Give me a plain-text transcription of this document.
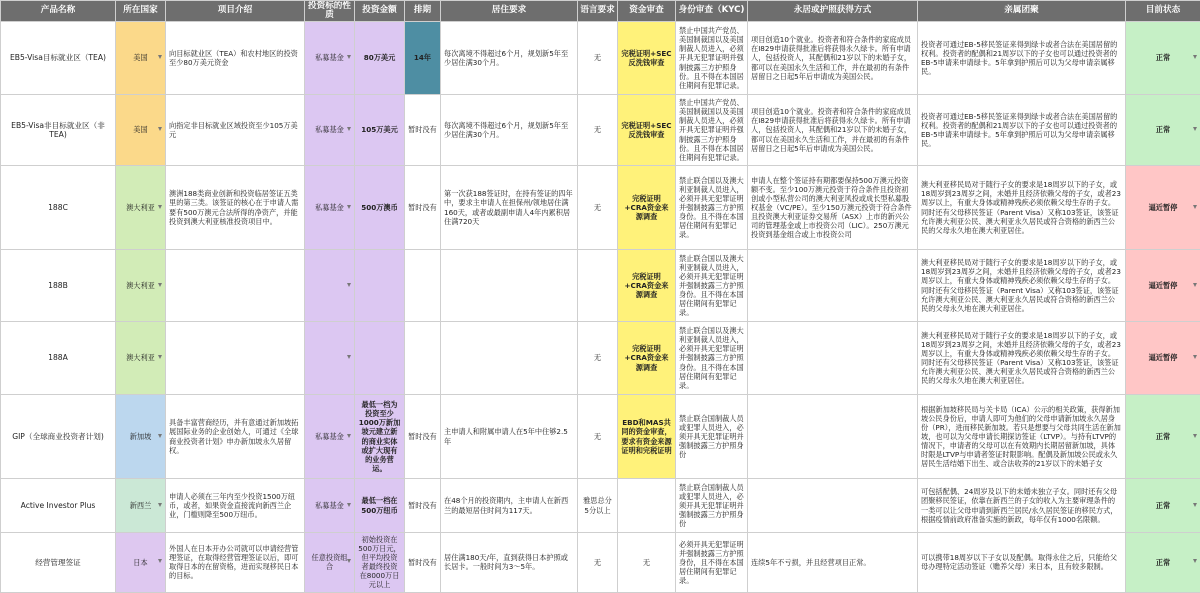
产品名称	所在国家	项目介绍	投资标的性质	投资金额	排期	居住要求	语言要求	资金审查	身份审查（KYC)	永居或护照获得方式	亲属团聚	目前状态
EB5-Visa目标就业区（TEA)	美国	向目标就业区（TEA）和农村地区的投资至少80万美元资金	私募基金	80万美元	14年	每次离境不得超过6个月，规划新5年至少居住满30个月。	无	完税证明+SEC反洗钱审查	禁止中国共产党员、美国制裁国以及美国制裁人员进入，必须开具无犯罪证明并强制披露三方护照身份。且不得在本国居住期间有犯罪记录。	项目创造10个就业。投资者和符合条件的家庭成员在I829申请获得批准后将获得永久绿卡。所有申请人，包括投资人，其配偶和21岁以下的未婚子女，都可以在美国永久生活和工作，并在最初的有条件居留日之日起5年后申请成为美国公民。	投资者可通过EB-5移民签证来得到绿卡或者合法在美国居留的权利。投资者的配偶和21周岁以下的子女也可以通过投资者的EB-5申请来申请绿卡。5年拿到护照后可以为父母申请亲属移民。	正常

EB5-Visa非目标就业区（非TEA)	美国	向指定非目标就业区域投资至少105万美元	私募基金	105万美元	暂时没有	每次离境不得超过6个月，规划新5年至少居住满30个月。	无	完税证明+SEC反洗钱审查	禁止中国共产党员、美国制裁国以及美国制裁人员进入，必须开具无犯罪证明并强制披露三方护照身份。且不得在本国居住期间有犯罪记录。	项目创造10个就业。投资者和符合条件的家庭成员在I829申请获得批准后将获得永久绿卡。所有申请人，包括投资人，其配偶和21岁以下的未婚子女，都可以在美国永久生活和工作，并在最初的有条件居留日之日起5年后申请成为美国公民。	投资者可通过EB-5移民签证来得到绿卡或者合法在美国居留的权利。投资者的配偶和21周岁以下的子女也可以通过投资者的EB-5申请来申请绿卡。5年拿到护照后可以为父母申请亲属移民。	正常

188C	澳大利亚	澳洲188类商业创新和投资临居签证五类里的第三类。该签证的核心在于申请人需要有500万澳元合法所得的净资产，并能投资到澳大利亚核准投资项目中。	私募基金	500万澳币	暂时没有	第一次获188签证时，在持有签证的四年中，要求主申请人在担保州/领地居住满160天，或者或最副申请人4年内累积居住满720天	无	完税证明+CRA资金来源调查	禁止联合国以及澳大利亚制裁人员进入，必须开具无犯罪证明并强制披露三方护照身份。且不得在本国居住期间有犯罪记录。	申请人在整个签证持有期都要保持500万澳元投资额不变。至少100万澳元投资于符合条件且投资初创或小型私营公司的澳大利亚风投或成长型私募股权基金（VC/PE）。至少150万澳元投资于符合条件且投资澳大利亚证券交易所（ASX）上市的新兴公司的管理基金或上市投资公司（LIC）。250万澳元投资到基金组合或上市投资公司	澳大利亚移民局对于随行子女的要求是18周岁以下的子女，或18周岁到23周岁之间，未婚并且经济依赖父母的子女，或者23周岁以上，有重大身体或精神残疾必须依赖父母生存的子女。同时还有父母移民签证（Parent Visa）又称103签证，该签证允许澳大利亚公民、澳大利亚永久居民或符合资格的新西兰公民的父母永久地在澳大利亚居住。	逼近暂停

188B	澳大利亚							完税证明+CRA资金来源调查	禁止联合国以及澳大利亚制裁人员进入，必须开具无犯罪证明并强制披露三方护照身份。且不得在本国居住期间有犯罪记录。		澳大利亚移民局对于随行子女的要求是18周岁以下的子女，或18周岁到23周岁之间，未婚并且经济依赖父母的子女，或者23周岁以上，有重大身体或精神残疾必须依赖父母生存的子女。同时还有父母移民签证（Parent Visa）又称103签证，该签证允许澳大利亚公民、澳大利亚永久居民或符合资格的新西兰公民的父母永久地在澳大利亚居住。	逼近暂停

188A	澳大利亚						无	完税证明+CRA资金来源调查	禁止联合国以及澳大利亚制裁人员进入，必须开具无犯罪证明并强制披露三方护照身份。且不得在本国居住期间有犯罪记录。		澳大利亚移民局对于随行子女的要求是18周岁以下的子女，或18周岁到23周岁之间，未婚并且经济依赖父母的子女，或者23周岁以上，有重大身体或精神残疾必须依赖父母生存的子女。同时还有父母移民签证（Parent Visa）又称103签证，该签证允许澳大利亚公民、澳大利亚永久居民或符合资格的新西兰公民的父母永久地在澳大利亚居住。	逼近暂停

GIP（全球商业投资者计划)	新加坡	具备丰富营商经历，并有意通过新加坡拓展国际业务的企业创始人，可通过《全球商业投资者计划》申办新加坡永久居留权。	私募基金	最低一档为投资至少1000万新加坡元建立新的商业实体或扩大现有的业务营运。	暂时没有	主申请人和附属申请人在5年中住够2.5年	无	EBD和MAS共同的资金审查，要求有资金来源证明和完税证明	禁止联合国制裁人员或犯罪人员进入，必须开具无犯罪证明并强制披露三方护照身份		根据新加坡移民局与关卡局（ICA）公示的相关政策，获得新加坡公民身份后，申请人即可为他们的父母申请新加坡永久居身份（PR），进而移民新加坡。若只是想要与父母共同生活在新加坡，也可以为父母申请长期探访签证（LTVP）。与持有LTVP的情况下，申请者的父母可以在有效期内长期居留新加坡，具体时限是LTVP与申请者签证时限影响。配偶及新加坡公民或永久居民生活结婚下出生、或合法收养的21岁以下的未婚子女	正常

Active Investor Plus	新西兰	申请人必须在三年内至少投资1500万纽币，或者，如果资金直接流向新西兰企业，门槛则降至500万纽币。	私募基金	最低一档在500万纽币	暂时没有	在48个月的投资期内，主申请人在新西兰的最短居住时间为117天。	雅思总分5分以上		禁止联合国制裁人员或犯罪人员进入，必须开具无犯罪证明并强制披露三方护照身份		可包括配偶、24周岁及以下的未婚未独立子女。同时还有父母团聚移民签证，依靠在新西兰的子女的收入为主要审理条件的一类可以让父母申请到新西兰居民/永久居民签证的移民方式，根据疫情前政府准备实施的新政，每年仅有1000名限额。	正常

经营管理签证	日本	外国人在日本开办公司就可以申请经营管理签证，在取得经营管理签证以后，即可取得日本的在留资格，进而实现移民日本的目标。	任意投资组合	初始投资在500万日元，但平均投资者最终投资在8000万日元以上	暂时没有	居住满180天/年，直到获得日本护照或长居卡。一般时间为3～5年。	无	无	必须开具无犯罪证明并强制披露三方护照身份，且不得在本国居住期间有犯罪记录。	连续5年不亏损，并且经营项目正常。	可以携带18周岁以下子女以及配偶。取得永住之后，只能给父母办理特定活动签证（赡养父母）来日本，且有较多限制。	正常
